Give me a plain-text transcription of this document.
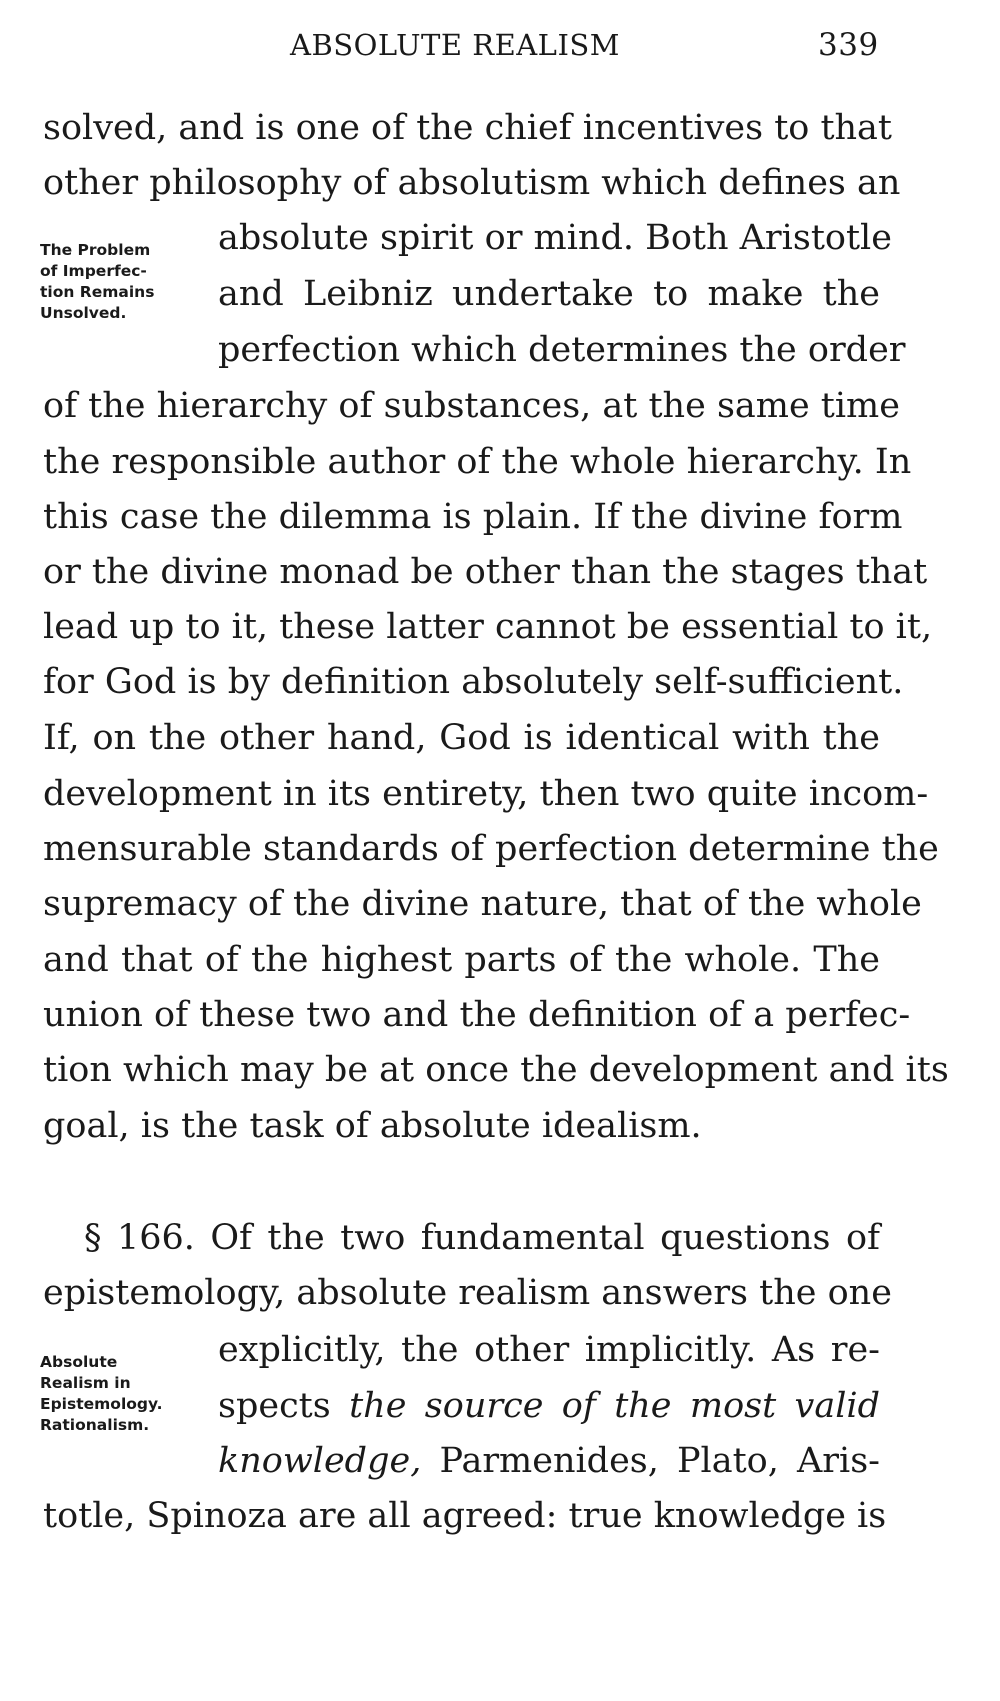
ABSOLUTE REALISM	339
The Problem
of Imperfec-
tion Remains
Unsolved.
solved, and is one of the chief incentives to that
other philosophy of absolutism which defines an
absolute spirit or mind. Both Aristotle
and Leibniz undertake to make the
perfection which determines the order
of the hierarchy of substances, at the same time
the responsible author of the whole hierarchy. In
this case the dilemma is plain. If the divine form
or the divine monad be other than the stages that
lead up to it, these latter cannot be essential to it,
for God is by definition absolutely self-sufficient.
If, on the other hand, God is identical with the
development in its entirety, then two quite incom-
mensurable standards of perfection determine the
supremacy of the divine nature, that of the whole
and that of the highest parts of the whole. The
union of these two and the definition of a perfec-
tion which may be at once the development and its
goal, is the task of absolute idealism.
Absolute
Realism in
Epistemology.
Rationalism.
§ 166. Of the two fundamental questions of
epistemology, absolute realism answers the one
explicitly, the other implicitly. As re-
spects the source of the most valid
knowledge, Parmenides, Plato, Aris-
totle, Spinoza are all agreed: true knowledge is
